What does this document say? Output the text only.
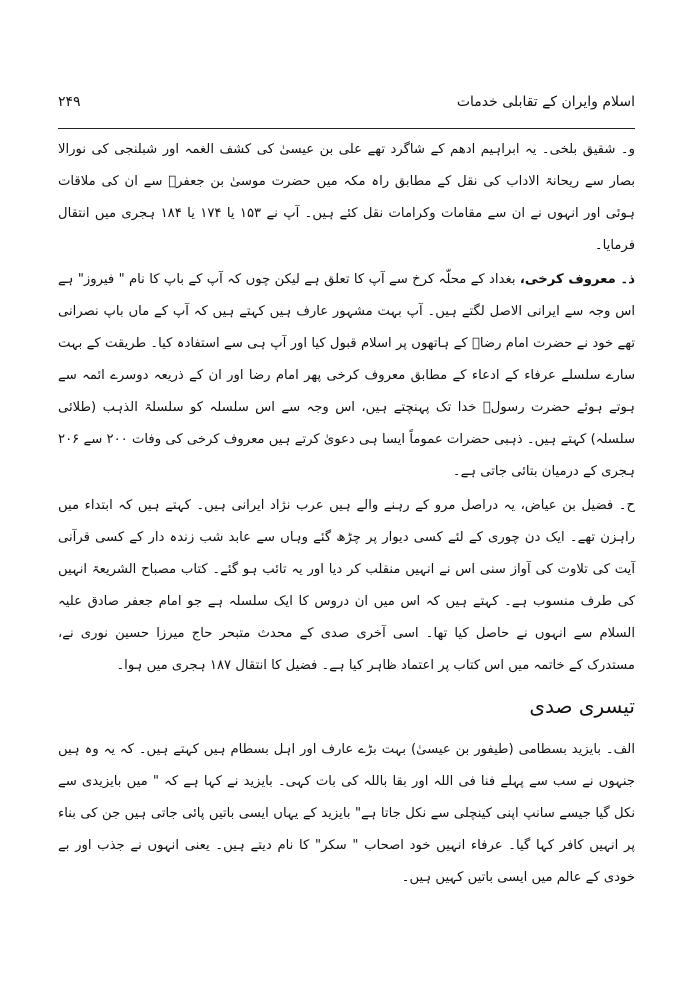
اسلام وایران کے تقابلی خدمات
۲۴۹

و۔ شقیق بلخی۔ یہ ابراہیم ادھم کے شاگرد تھے علی بن عیسیٰ کی کشف الغمہ اور شبلنجی کی نورالا بصار سے ریحانۃ الاداب کی نقل کے مطابق راہ مکہ میں حضرت موسیٰ بن جعفرؑ سے ان کی ملاقات ہوئی اور انہوں نے ان سے مقامات وکرامات نقل کئے ہیں۔ آپ نے ۱۵۳ یا ۱۷۴ یا ۱۸۴ ہجری میں انتقال فرمایا۔

ذ۔ معروف کرخی، بغداد کے محلّہ کرخ سے آپ کا تعلق ہے لیکن چوں کہ آپ کے باپ کا نام " فیروز" ہے اس وجہ سے ایرانی الاصل لگتے ہیں۔ آپ بہت مشہور عارف ہیں کہتے ہیں کہ آپ کے ماں باپ نصرانی تھے خود نے حضرت امام رضاؑ کے ہاتھوں پر اسلام قبول کیا اور آپ ہی سے استفادہ کیا۔ طریقت کے بہت سارے سلسلے عرفاء کے ادعاء کے مطابق معروف کرخی پھر امام رضا اور ان کے ذریعہ دوسرے ائمہ سے ہوتے ہوئے حضرت رسولؐ خدا تک پہنچتے ہیں، اس وجہ سے اس سلسلہ کو سلسلۃ الذہب (طلائی سلسلہ) کہتے ہیں۔ ذہبی حضرات عموماً ایسا ہی دعویٰ کرتے ہیں معروف کرخی کی وفات ۲۰۰ سے ۲۰۶ ہجری کے درمیان بتائی جاتی ہے۔

ح۔ فضیل بن عیاض، یہ دراصل مرو کے رہنے والے ہیں عرب نژاد ایرانی ہیں۔ کہتے ہیں کہ ابتداء میں راہزن تھے۔ ایک دن چوری کے لئے کسی دیوار پر چڑھ گئے وہاں سے عابد شب زندہ دار کے کسی قرآنی آیت کی تلاوت کی آواز سنی اس نے انہیں منقلب کر دیا اور یہ تائب ہو گئے۔ کتاب مصباح الشریعۃ انہیں کی طرف منسوب ہے۔ کہتے ہیں کہ اس میں ان دروس کا ایک سلسلہ ہے جو امام جعفر صادق علیہ السلام سے انہوں نے حاصل کیا تھا۔ اسی آخری صدی کے محدث متبحر حاج میرزا حسین نوری نے، مستدرک کے خاتمہ میں اس کتاب پر اعتماد ظاہر کیا ہے۔ فضیل کا انتقال ۱۸۷ ہجری میں ہوا۔

تیسری صدی

الف۔ بایزید بسطامی (طیفور بن عیسیٰ) بہت بڑے عارف اور اہل بسطام ہیں کہتے ہیں۔ کہ یہ وہ ہیں جنہوں نے سب سے پہلے فنا فی اللہ اور بقا باللہ کی بات کہی۔ بایزید نے کہا ہے کہ " میں بایزیدی سے نکل گیا جیسے سانپ اپنی کینچلی سے نکل جاتا ہے" بایزید کے یہاں ایسی باتیں پائی جاتی ہیں جن کی بناء پر انہیں کافر کہا گیا۔ عرفاء انہیں خود اصحاب " سکر" کا نام دیتے ہیں۔ یعنی انہوں نے جذب اور بے خودی کے عالم میں ایسی باتیں کہیں ہیں۔
